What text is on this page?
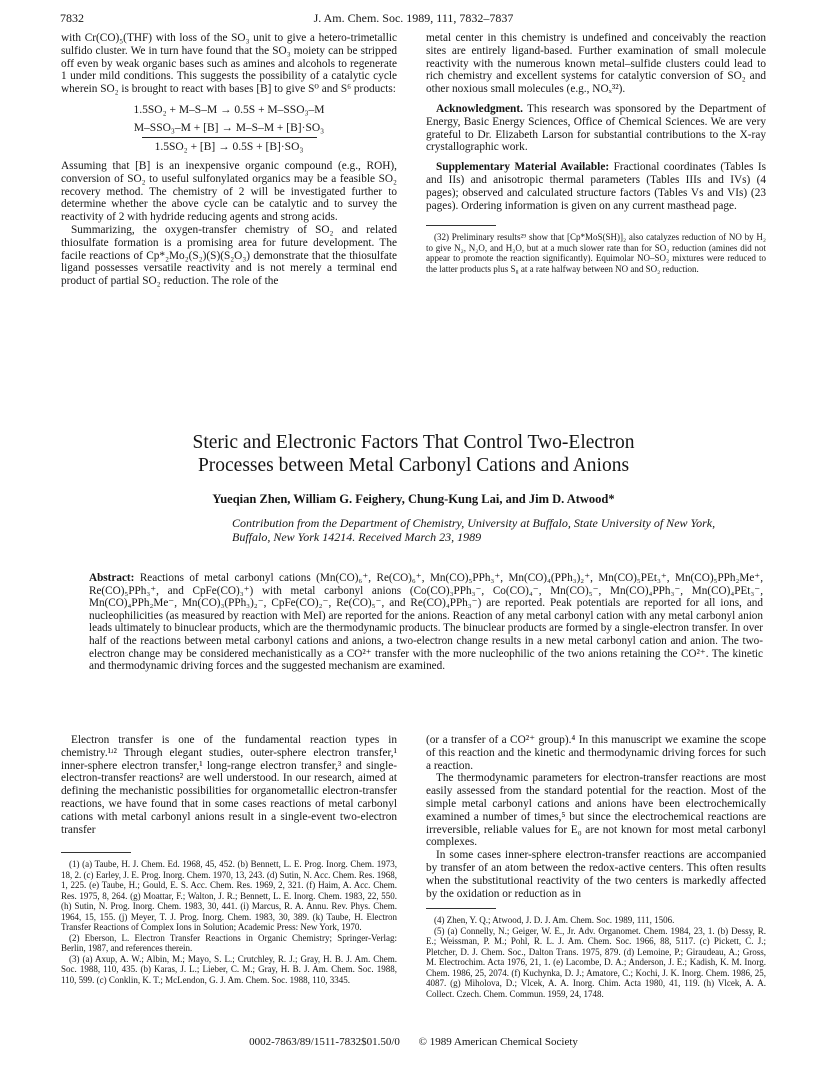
7832	J. Am. Chem. Soc. 1989, 111, 7832–7837

with Cr(CO)₅(THF) with loss of the SO₃ unit to give a hetero-trimetallic sulfido cluster. We in turn have found that the SO₃ moiety can be stripped off even by weak organic bases such as amines and alcohols to regenerate 1 under mild conditions. This suggests the possibility of a catalytic cycle wherein SO₂ is brought to react with bases [B] to give S⁰ and S⁶ products:

1.5SO₂ + M–S–M → 0.5S + M–SSO₃–M
M–SSO₃–M + [B] → M–S–M + [B]·SO₃
1.5SO₂ + [B] → 0.5S + [B]·SO₃

Assuming that [B] is an inexpensive organic compound (e.g., ROH), conversion of SO₂ to useful sulfonylated organics may be a feasible SO₂ recovery method. The chemistry of 2 will be investigated further to determine whether the above cycle can be catalytic and to survey the reactivity of 2 with hydride reducing agents and strong acids.

Summarizing, the oxygen-transfer chemistry of SO₂ and related thiosulfate formation is a promising area for future development. The facile reactions of Cp*₂Mo₂(S₂)(S)(S₂O₃) demonstrate that the thiosulfate ligand possesses versatile reactivity and is not merely a terminal end product of partial SO₂ reduction. The role of the

metal center in this chemistry is undefined and conceivably the reaction sites are entirely ligand-based. Further examination of small molecule reactivity with the numerous known metal–sulfide clusters could lead to rich chemistry and excellent systems for catalytic conversion of SO₂ and other noxious small molecules (e.g., NOₓ³²).

Acknowledgment. This research was sponsored by the Department of Energy, Basic Energy Sciences, Office of Chemical Sciences. We are very grateful to Dr. Elizabeth Larson for substantial contributions to the X-ray crystallographic work.

Supplementary Material Available: Fractional coordinates (Tables Is and IIs) and anisotropic thermal parameters (Tables IIIs and IVs) (4 pages); observed and calculated structure factors (Tables Vs and VIs) (23 pages). Ordering information is given on any current masthead page.

(32) Preliminary results²⁹ show that [Cp*MoS(SH)]₂ also catalyzes reduction of NO by H₂ to give N₂, N₂O, and H₂O, but at a much slower rate than for SO₂ reduction (amines did not appear to promote the reaction significantly). Equimolar NO–SO₂ mixtures were reduced to the latter products plus S₈ at a rate halfway between NO and SO₂ reduction.

Steric and Electronic Factors That Control Two-Electron
Processes between Metal Carbonyl Cations and Anions
Yueqian Zhen, William G. Feighery, Chung-Kung Lai, and Jim D. Atwood*
Contribution from the Department of Chemistry, University at Buffalo, State University of New York, Buffalo, New York 14214. Received March 23, 1989
Abstract: Reactions of metal carbonyl cations (Mn(CO)₆⁺, Re(CO)₆⁺, Mn(CO)₅PPh₃⁺, Mn(CO)₄(PPh₃)₂⁺, Mn(CO)₅PEt₃⁺, Mn(CO)₅PPh₂Me⁺, Re(CO)₅PPh₃⁺, and CpFe(CO)₃⁺) with metal carbonyl anions (Co(CO)₃PPh₃⁻, Co(CO)₄⁻, Mn(CO)₅⁻, Mn(CO)₄PPh₃⁻, Mn(CO)₄PEt₃⁻, Mn(CO)₄PPh₂Me⁻, Mn(CO)₃(PPh₃)₂⁻, CpFe(CO)₂⁻, Re(CO)₅⁻, and Re(CO)₄PPh₃⁻) are reported. Peak potentials are reported for all ions, and nucleophilicities (as measured by reaction with MeI) are reported for the anions. Reaction of any metal carbonyl cation with any metal carbonyl anion leads ultimately to binuclear products, which are the thermodynamic products. The binuclear products are formed by a single-electron transfer. In over half of the reactions between metal carbonyl cations and anions, a two-electron change results in a new metal carbonyl cation and anion. The two-electron change may be considered mechanistically as a CO²⁺ transfer with the more nucleophilic of the two anions retaining the CO²⁺. The kinetic and thermodynamic driving forces and the suggested mechanism are examined.

Electron transfer is one of the fundamental reaction types in chemistry.¹ʴ² Through elegant studies, outer-sphere electron transfer,¹ inner-sphere electron transfer,¹ long-range electron transfer,³ and single-electron-transfer reactions² are well understood. In our research, aimed at defining the mechanistic possibilities for organometallic electron-transfer reactions, we have found that in some cases reactions of metal carbonyl cations with metal carbonyl anions result in a single-event two-electron transfer

(1) (a) Taube, H. J. Chem. Ed. 1968, 45, 452. (b) Bennett, L. E. Prog. Inorg. Chem. 1973, 18, 2. (c) Earley, J. E. Prog. Inorg. Chem. 1970, 13, 243. (d) Sutin, N. Acc. Chem. Res. 1968, 1, 225. (e) Taube, H.; Gould, E. S. Acc. Chem. Res. 1969, 2, 321. (f) Haim, A. Acc. Chem. Res. 1975, 8, 264. (g) Moattar, F.; Walton, J. R.; Bennett, L. E. Inorg. Chem. 1983, 22, 550. (h) Sutin, N. Prog. Inorg. Chem. 1983, 30, 441. (i) Marcus, R. A. Annu. Rev. Phys. Chem. 1964, 15, 155. (j) Meyer, T. J. Prog. Inorg. Chem. 1983, 30, 389. (k) Taube, H. Electron Transfer Reactions of Complex Ions in Solution; Academic Press: New York, 1970.

(2) Eberson, L. Electron Transfer Reactions in Organic Chemistry; Springer-Verlag: Berlin, 1987, and references therein.

(3) (a) Axup, A. W.; Albin, M.; Mayo, S. L.; Crutchley, R. J.; Gray, H. B. J. Am. Chem. Soc. 1988, 110, 435. (b) Karas, J. L.; Lieber, C. M.; Gray, H. B. J. Am. Chem. Soc. 1988, 110, 599. (c) Conklin, K. T.; McLendon, G. J. Am. Chem. Soc. 1988, 110, 3345.

(or a transfer of a CO²⁺ group).⁴ In this manuscript we examine the scope of this reaction and the kinetic and thermodynamic driving forces for such a reaction.

The thermodynamic parameters for electron-transfer reactions are most easily assessed from the standard potential for the reaction. Most of the simple metal carbonyl cations and anions have been electrochemically examined a number of times,⁵ but since the electrochemical reactions are irreversible, reliable values for E₀ are not known for most metal carbonyl complexes.

In some cases inner-sphere electron-transfer reactions are accompanied by transfer of an atom between the redox-active centers. This often results when the substitutional reactivity of the two centers is markedly affected by the oxidation or reduction as in

(4) Zhen, Y. Q.; Atwood, J. D. J. Am. Chem. Soc. 1989, 111, 1506.

(5) (a) Connelly, N.; Geiger, W. E., Jr. Adv. Organomet. Chem. 1984, 23, 1. (b) Dessy, R. E.; Weissman, P. M.; Pohl, R. L. J. Am. Chem. Soc. 1966, 88, 5117. (c) Pickett, C. J.; Pletcher, D. J. Chem. Soc., Dalton Trans. 1975, 879. (d) Lemoine, P.; Giraudeau, A.; Gross, M. Electrochim. Acta 1976, 21, 1. (e) Lacombe, D. A.; Anderson, J. E.; Kadish, K. M. Inorg. Chem. 1986, 25, 2074. (f) Kuchynka, D. J.; Amatore, C.; Kochi, J. K. Inorg. Chem. 1986, 25, 4087. (g) Miholova, D.; Vlcek, A. A. Inorg. Chim. Acta 1980, 41, 119. (h) Vlcek, A. A. Collect. Czech. Chem. Commun. 1959, 24, 1748.

0002-7863/89/1511-7832$01.50/0 © 1989 American Chemical Society
